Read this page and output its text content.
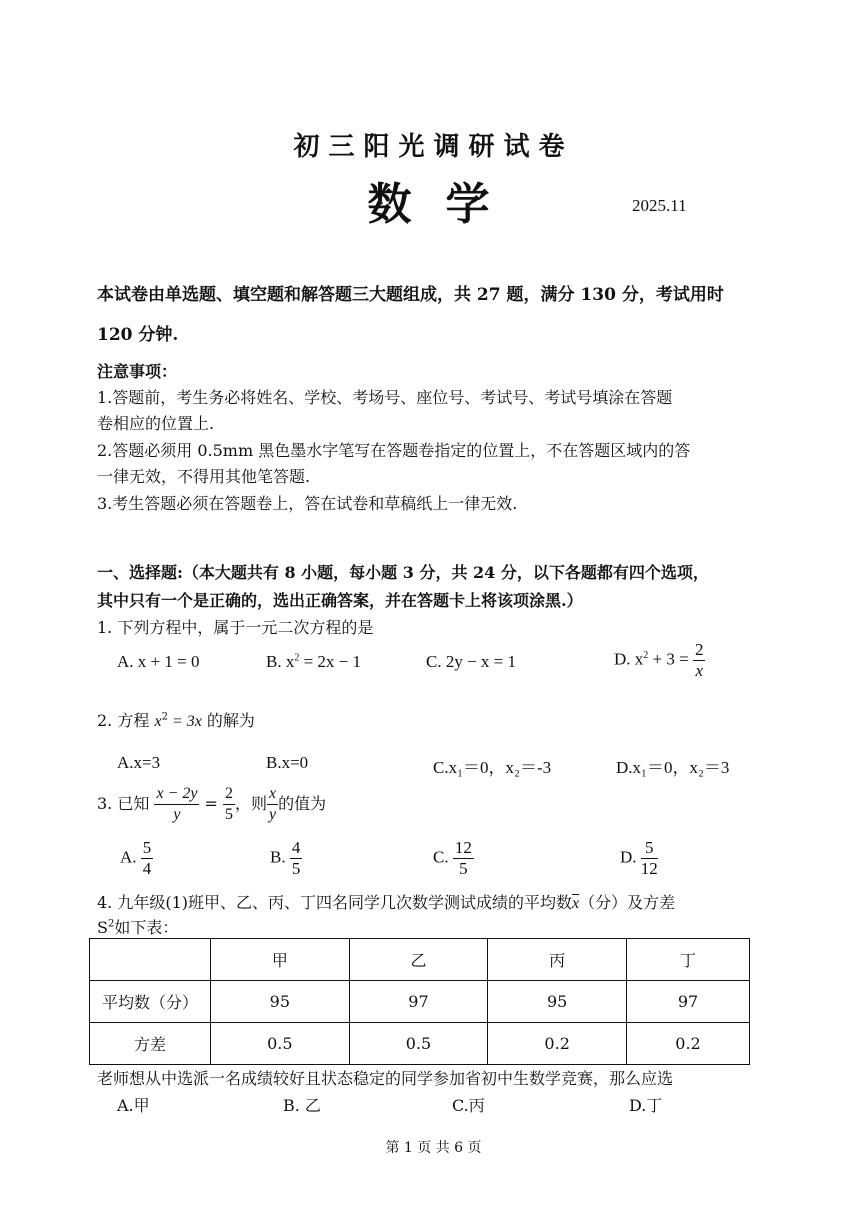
初三阳光调研试卷
数学	2025.11
本试卷由单选题、填空题和解答题三大题组成，共 27 题，满分 130 分，考试用时
120 分钟.
注意事项：
1.答题前，考生务必将姓名、学校、考场号、座位号、考试号、考试号填涂在答题
卷相应的位置上.
2.答题必须用 0.5mm 黑色墨水字笔写在答题卷指定的位置上，不在答题区域内的答
一律无效，不得用其他笔答题.
3.考生答题必须在答题卷上，答在试卷和草稿纸上一律无效.
一、选择题:（本大题共有 8 小题，每小题 3 分，共 24 分，以下各题都有四个选项，
其中只有一个是正确的，选出正确答案，并在答题卡上将该项涂黑.）
1. 下列方程中，属于一元二次方程的是
A. x + 1 = 0	B. $x^2 = 2x - 1$	C. 2y − x = 1	D. $x^2 + 3 = \frac{2}{x}$
2. 方程 $x^2 = 3x$ 的解为
A.x=3	B.x=0	C.x₁＝0，x₂＝-3	D.x₁＝0，x₂＝3
3. 已知 $\frac{x - 2y}{y} = \frac{2}{5}$ ，则 $\frac{x}{y}$ 的值为
A. $\frac{5}{4}$	B. $\frac{4}{5}$	C. $\frac{12}{5}$	D. $\frac{5}{12}$
4. 九年级(1)班甲、乙、丙、丁四名同学几次数学测试成绩的平均数$\overline{x}$（分）及方差
$S^2$如下表：
	甲	乙	丙	丁
平均数（分）	95	97	95	97
方差	0.5	0.5	0.2	0.2
老师想从中选派一名成绩较好且状态稳定的同学参加省初中生数学竞赛，那么应选
A.甲	B. 乙	C.丙	D.丁
第 1 页 共 6 页
